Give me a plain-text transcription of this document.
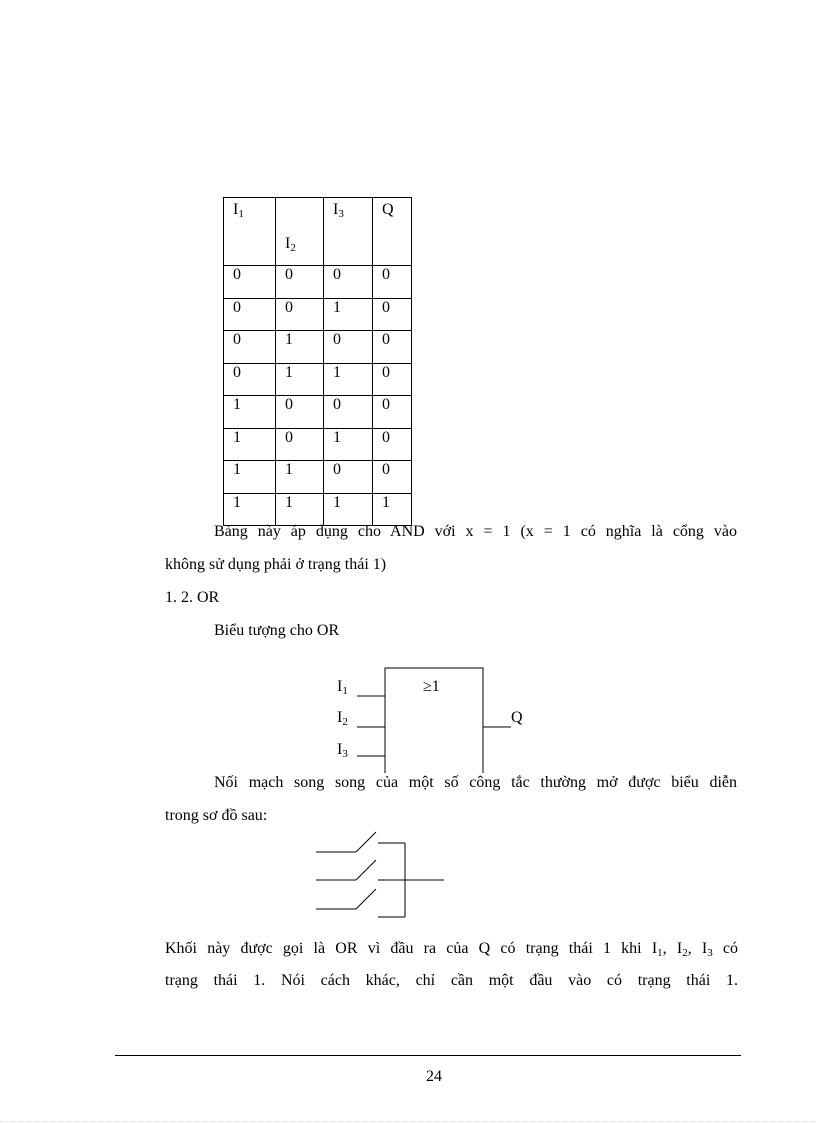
$I_1$	$I_2$	$I_3$	Q
0	0	0	0
0	0	1	0
0	1	0	0
0	1	1	0
1	0	0	0
1	0	1	0
1	1	0	0
1	1	1	1
Bảng này áp dụng cho AND với x = 1 (x = 1 có nghĩa là cổng vào
không sử dụng phải ở trạng thái 1)
1. 2. OR
Biểu tượng cho OR
≥1
$I_1$
$I_2$
$I_3$
Q
Nối mạch song song của một số công tắc thường mở được biểu diễn
trong sơ đồ sau:
Khối này được gọi là OR vì đầu ra của Q có trạng thái 1 khi $I_1$, $I_2$, $I_3$ có
trạng thái 1. Nói cách khác, chỉ cần một đầu vào có trạng thái 1.
24
